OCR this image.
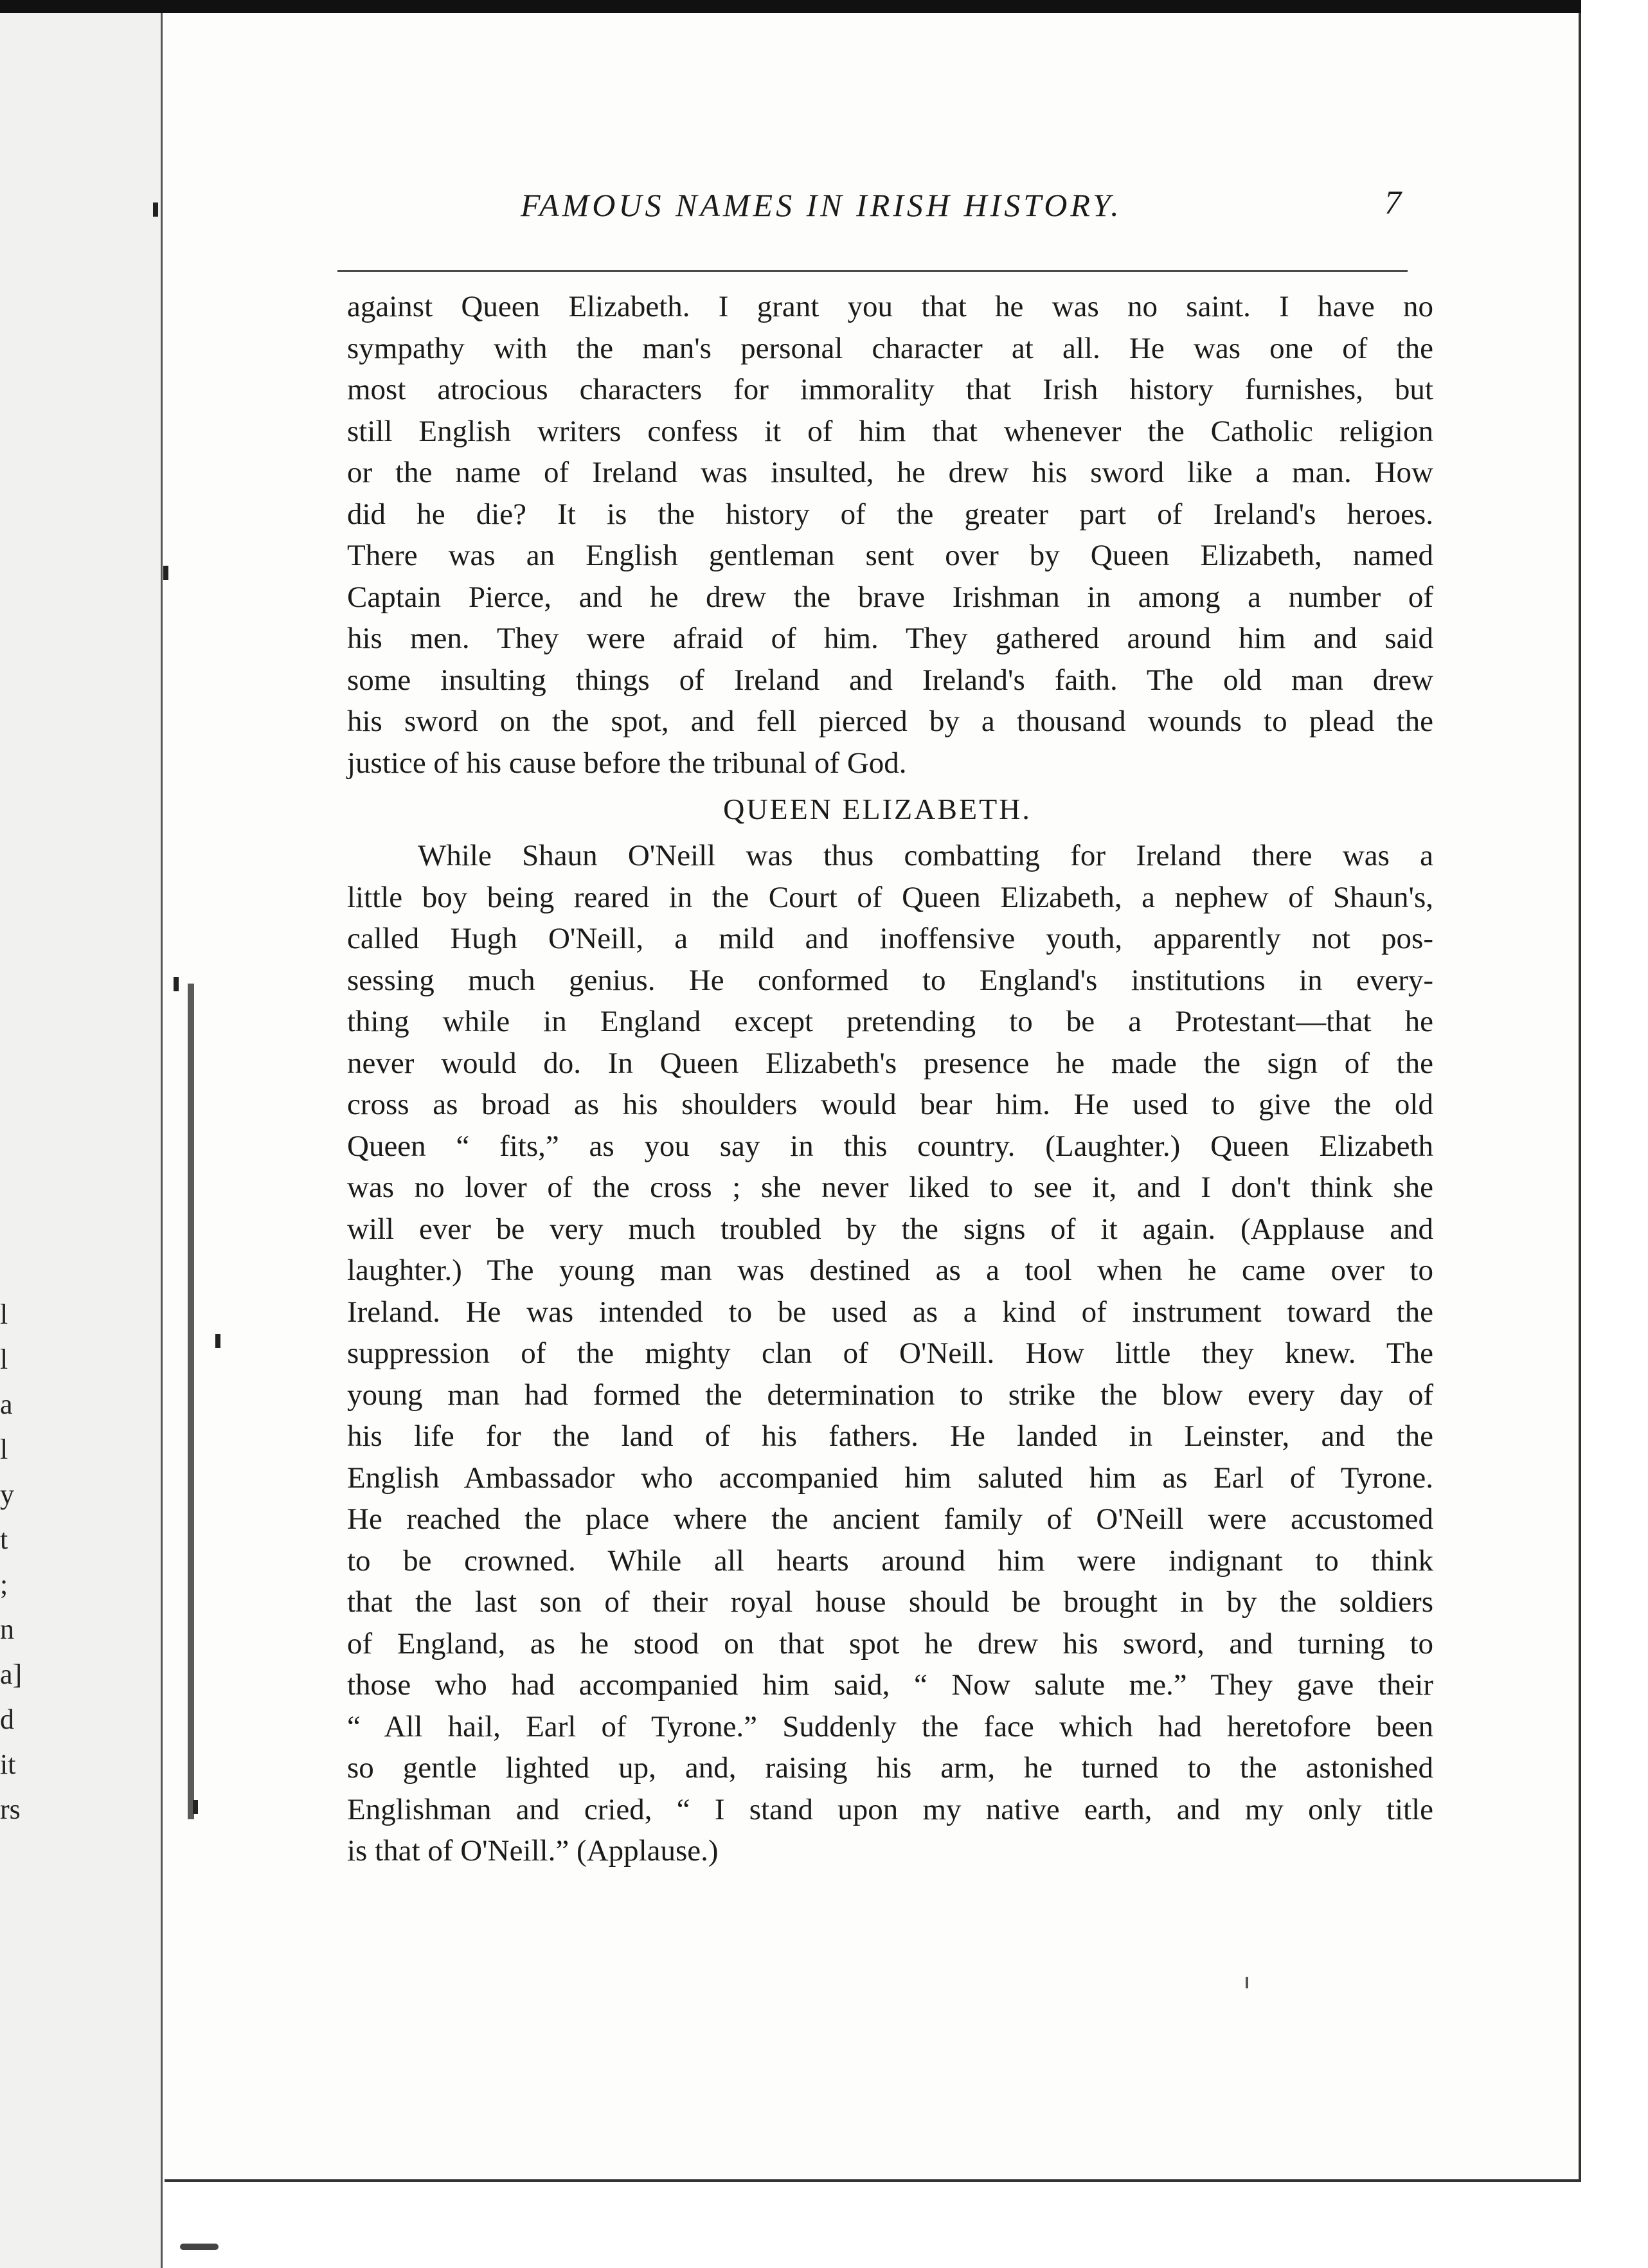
l
l
a
l
y
t
;
n
a]
d
it
rs
FAMOUS NAMES IN IRISH HISTORY.	7
against Queen Elizabeth. I grant you that he was no saint. I have no
sympathy with the man's personal character at all. He was one of the
most atrocious characters for immorality that Irish history furnishes, but
still English writers confess it of him that whenever the Catholic religion
or the name of Ireland was insulted, he drew his sword like a man. How
did he die? It is the history of the greater part of Ireland's heroes.
There was an English gentleman sent over by Queen Elizabeth, named
Captain Pierce, and he drew the brave Irishman in among a number of
his men. They were afraid of him. They gathered around him and said
some insulting things of Ireland and Ireland's faith. The old man drew
his sword on the spot, and fell pierced by a thousand wounds to plead the
justice of his cause before the tribunal of God.
QUEEN ELIZABETH.
While Shaun O'Neill was thus combatting for Ireland there was a
little boy being reared in the Court of Queen Elizabeth, a nephew of Shaun's,
called Hugh O'Neill, a mild and inoffensive youth, apparently not pos-
sessing much genius. He conformed to England's institutions in every-
thing while in England except pretending to be a Protestant—that he
never would do. In Queen Elizabeth's presence he made the sign of the
cross as broad as his shoulders would bear him. He used to give the old
Queen “ fits,” as you say in this country. (Laughter.) Queen Elizabeth
was no lover of the cross ; she never liked to see it, and I don't think she
will ever be very much troubled by the signs of it again. (Applause and
laughter.) The young man was destined as a tool when he came over to
Ireland. He was intended to be used as a kind of instrument toward the
suppression of the mighty clan of O'Neill. How little they knew. The
young man had formed the determination to strike the blow every day of
his life for the land of his fathers. He landed in Leinster, and the
English Ambassador who accompanied him saluted him as Earl of Tyrone.
He reached the place where the ancient family of O'Neill were accustomed
to be crowned. While all hearts around him were indignant to think
that the last son of their royal house should be brought in by the soldiers
of England, as he stood on that spot he drew his sword, and turning to
those who had accompanied him said, “ Now salute me.” They gave their
“ All hail, Earl of Tyrone.” Suddenly the face which had heretofore been
so gentle lighted up, and, raising his arm, he turned to the astonished
Englishman and cried, “ I stand upon my native earth, and my only title
is that of O'Neill.” (Applause.)
